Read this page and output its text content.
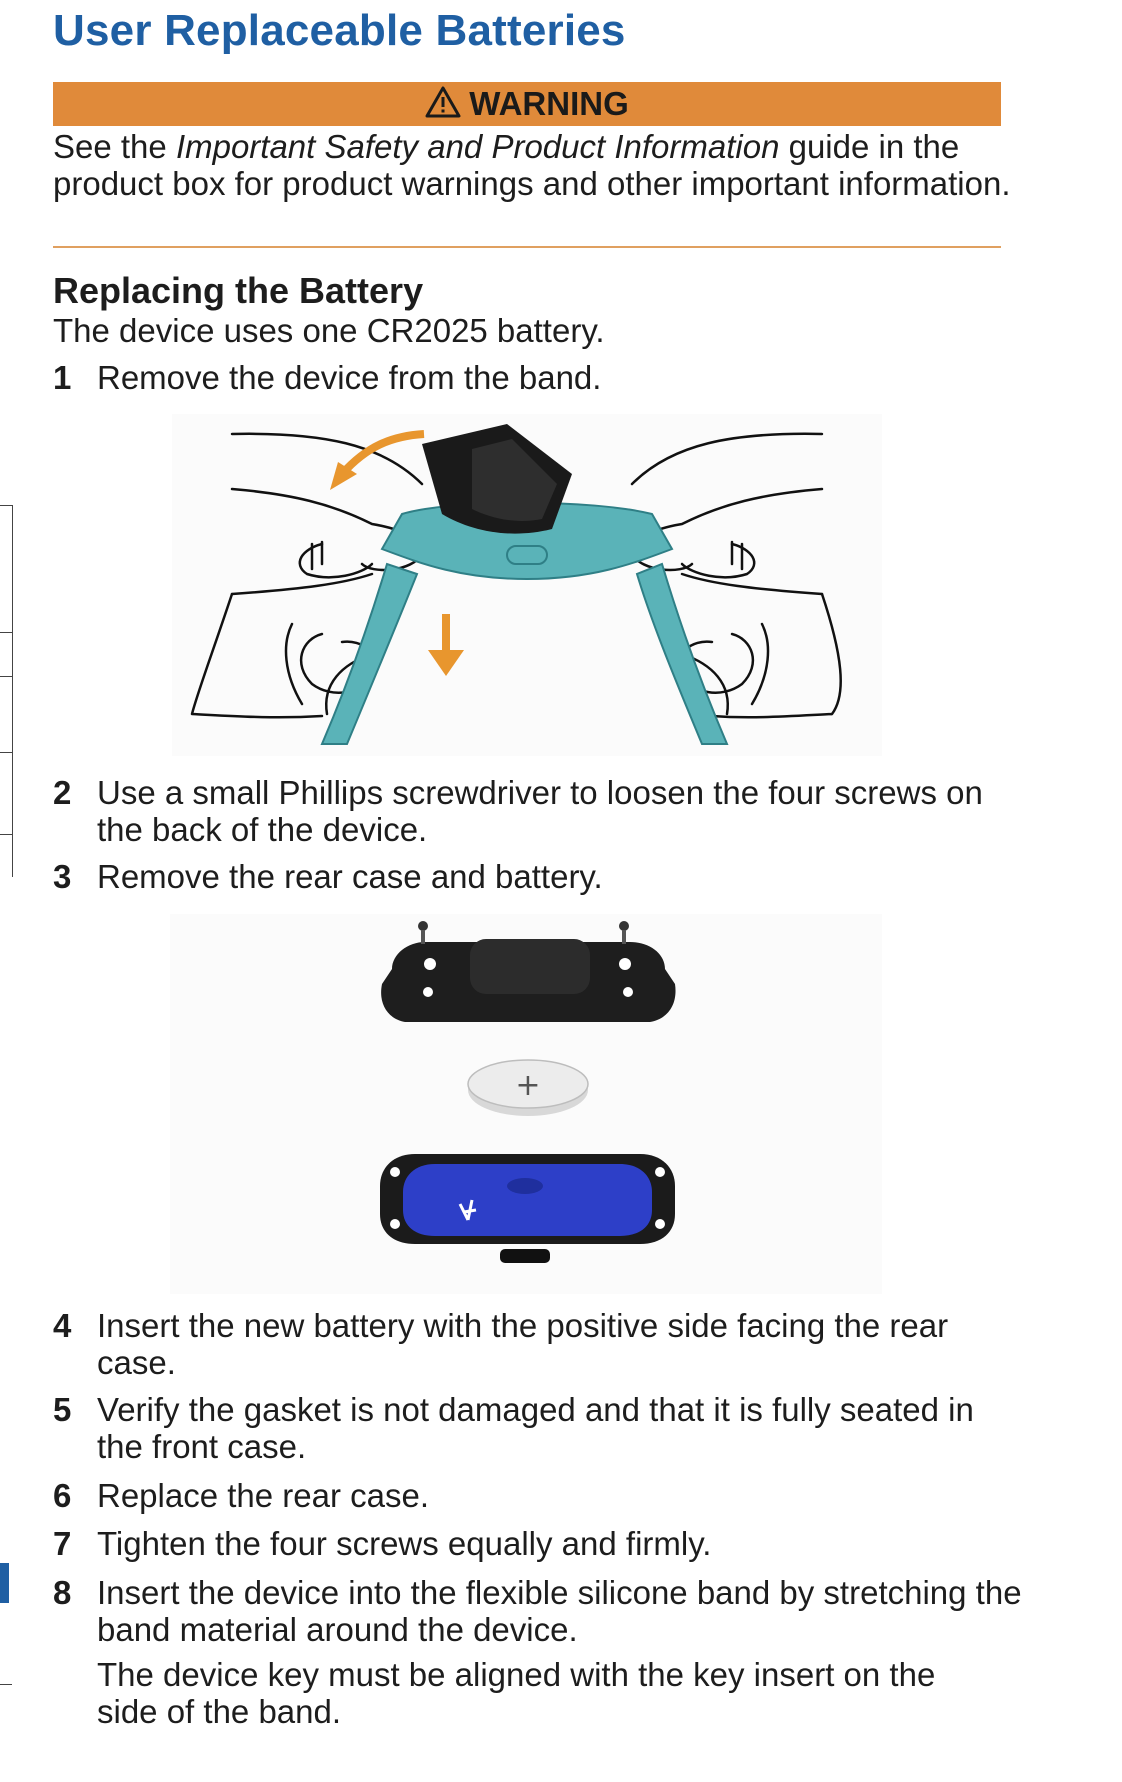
User Replaceable Batteries
WARNING
See the Important Safety and Product Information guide in the product box for product warnings and other important information.
Replacing the Battery
The device uses one CR2025 battery.
1 Remove the device from the band.
2 Use a small Phillips screwdriver to loosen the four screws on the back of the device.
3 Remove the rear case and battery.
+
4 Insert the new battery with the positive side facing the rear case.
5 Verify the gasket is not damaged and that it is fully seated in the front case.
6 Replace the rear case.
7 Tighten the four screws equally and firmly.
8 Insert the device into the flexible silicone band by stretching the band material around the device.
The device key must be aligned with the key insert on the side of the band.
